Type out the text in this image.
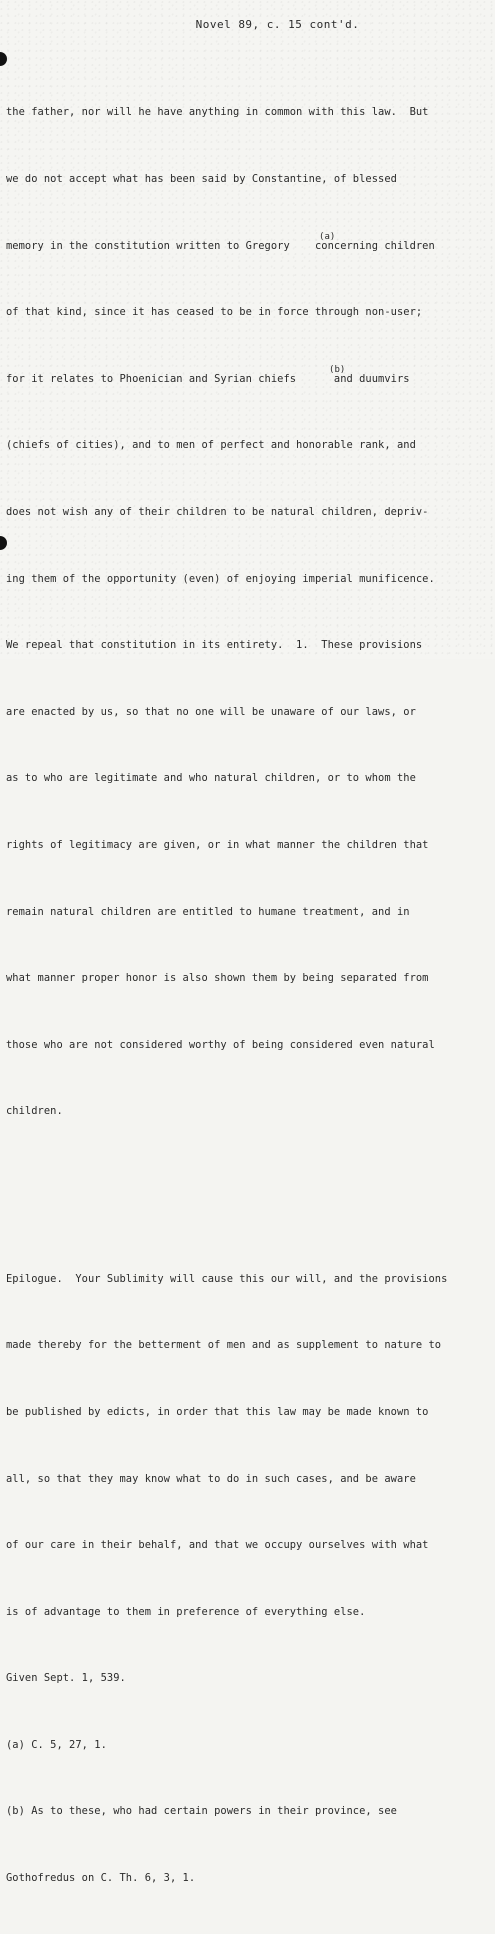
Novel 89, c. 15 cont'd.

the father, nor will he have anything in common with this law.  But

we do not accept what has been said by Constantine, of blessed

(a)
memory in the constitution written to Gregory    concerning children

of that kind, since it has ceased to be in force through non-user;

(b)
for it relates to Phoenician and Syrian chiefs      and duumvirs

(chiefs of cities), and to men of perfect and honorable rank, and

does not wish any of their children to be natural children, depriv-

ing them of the opportunity (even) of enjoying imperial munificence.

We repeal that constitution in its entirety.  1.  These provisions

are enacted by us, so that no one will be unaware of our laws, or

as to who are legitimate and who natural children, or to whom the

rights of legitimacy are given, or in what manner the children that

remain natural children are entitled to humane treatment, and in

what manner proper honor is also shown them by being separated from

those who are not considered worthy of being considered even natural

children.

Epilogue.  Your Sublimity will cause this our will, and the provisions

made thereby for the betterment of men and as supplement to nature to

be published by edicts, in order that this law may be made known to

all, so that they may know what to do in such cases, and be aware

of our care in their behalf, and that we occupy ourselves with what

is of advantage to them in preference of everything else.

Given Sept. 1, 539.

(a) C. 5, 27, 1.

(b) As to these, who had certain powers in their province, see

Gothofredus on C. Th. 6, 3, 1.
